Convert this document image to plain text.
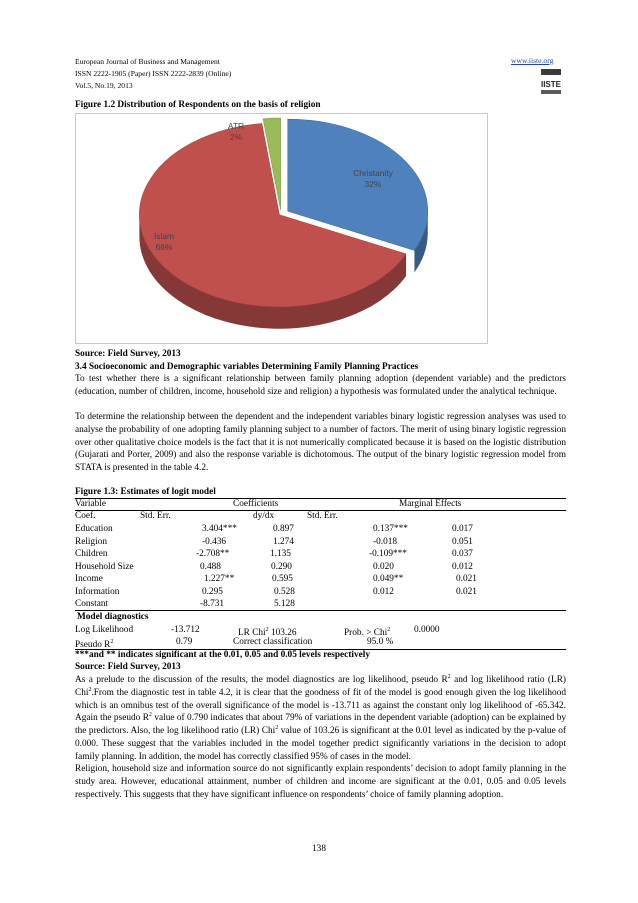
European Journal of Business and Management
ISSN 2222-1905 (Paper) ISSN 2222-2839 (Online)
Vol.5, No.19, 2013
www.iiste.org
IISTE
Figure 1.2 Distribution of Respondents on the basis of religion
Christanity
32%
Islam
66%
ATR
2%
Source: Field Survey, 2013
3.4 Socioeconomic and Demographic variables Determining Family Planning Practices
To test whether there is a significant relationship between family planning adoption (dependent variable) and the predictors (education, number of children, income, household size and religion) a hypothesis was formulated under the analytical technique.
To determine the relationship between the dependent and the independent variables binary logistic regression analyses was used to analyse the probability of one adopting family planning subject to a number of factors. The merit of using binary logistic regression over other qualitative choice models is the fact that it is not numerically complicated because it is based on the logistic distribution (Gujarati and Porter, 2009) and also the response variable is dichotomous. The output of the binary logistic regression model from STATA is presented in the table 4.2.
Figure 1.3: Estimates of logit model
Variable	Coefficients	Marginal Effects
Coef.	Std. Err.	dy/dx	Std. Err.
Education	3.404***	0.897	0.137***	0.017
Religion	-0.436	1.274	-0.018	0.051
Children	-2.708**	1.135	-0.109***	0.037
Household Size	0.488	0.290	0.020	0.012
Income	1.227**	0.595	0.049**	0.021
Information	0.295	0.528	0.012	0.021
Constant	-8.731	5.128
Model diagnostics
Log Likelihood	-13.712	LR Chi$^2$ 103.26	Prob. > Chi$^2$	0.0000
Pseudo $R^2$	0.79	Correct classification	95.0 %
***and ** indicates significant at the 0.01, 0.05 and 0.05 levels respectively
Source: Field Survey, 2013
As a prelude to the discussion of the results, the model diagnostics are log likelihood, pseudo $R^2$ and log likelihood ratio (LR) Chi$^2$.From the diagnostic test in table 4.2, it is clear that the goodness of fit of the model is good enough given the log likelihood which is an omnibus test of the overall significance of the model is -13.711 as against the constant only log likelihood of -65.342. Again the pseudo $R^2$ value of 0.790 indicates that about 79% of variations in the dependent variable (adoption) can be explained by the predictors. Also, the log likelihood ratio (LR) Chi$^2$ value of 103.26 is significant at the 0.01 level as indicated by the p-value of 0.000. These suggest that the variables included in the model together predict significantly variations in the decision to adopt family planning. In addition, the model has correctly classified 95% of cases in the model.
Religion, household size and information source do not significantly explain respondents’ decision to adopt family planning in the study area. However, educational attainment, number of children and income are significant at the 0.01, 0.05 and 0.05 levels respectively. This suggests that they have significant influence on respondents’ choice of family planning adoption.
138
